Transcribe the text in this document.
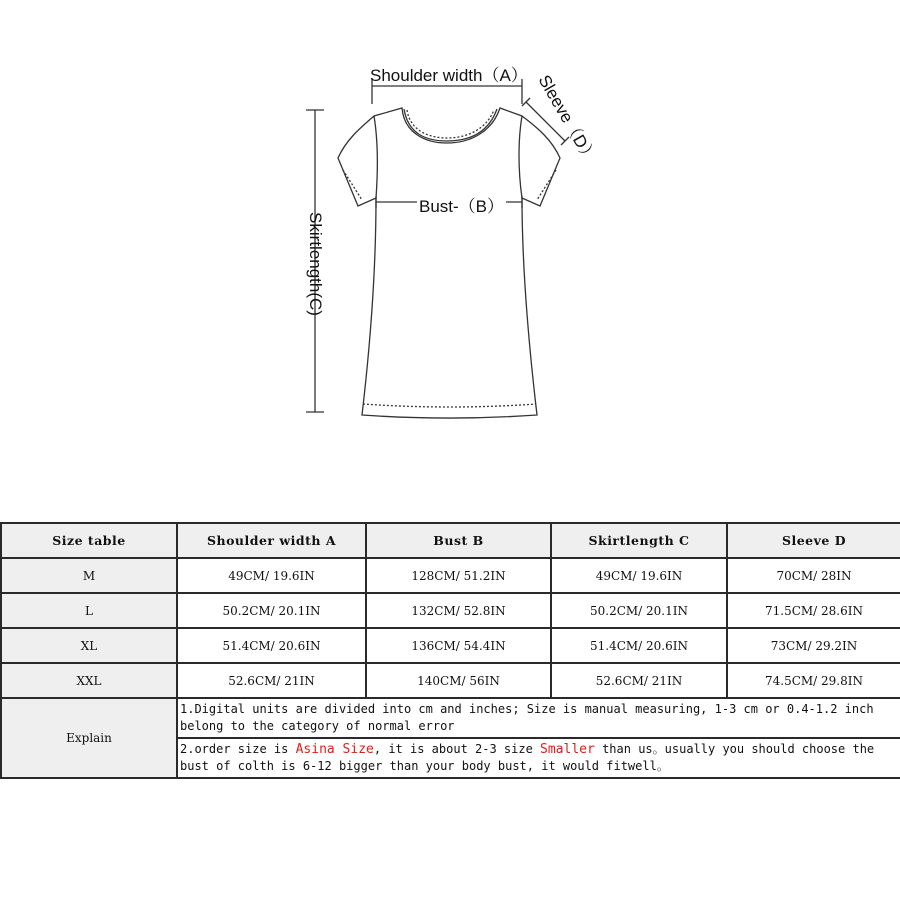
Shoulder width（A）
Bust-（B）
Skirtlength(C)
Sleeve（D）
Size table	Shoulder width A	Bust B	Skirtlength C	Sleeve D
M	49CM/ 19.6IN	128CM/ 51.2IN	49CM/ 19.6IN	70CM/ 28IN
L	50.2CM/ 20.1IN	132CM/ 52.8IN	50.2CM/ 20.1IN	71.5CM/ 28.6IN
XL	51.4CM/ 20.6IN	136CM/ 54.4IN	51.4CM/ 20.6IN	73CM/ 29.2IN
XXL	52.6CM/ 21IN	140CM/ 56IN	52.6CM/ 21IN	74.5CM/ 29.8IN
Explain	1.Digital units are divided into cm and inches; Size is manual measuring, 1-3 cm or 0.4-1.2 inch belong to the category of normal error			
	2.order size is Asina Size, it is about 2-3 size Smaller than us。usually you should choose the bust of colth is 6-12 bigger than your body bust, it would fitwell。			
